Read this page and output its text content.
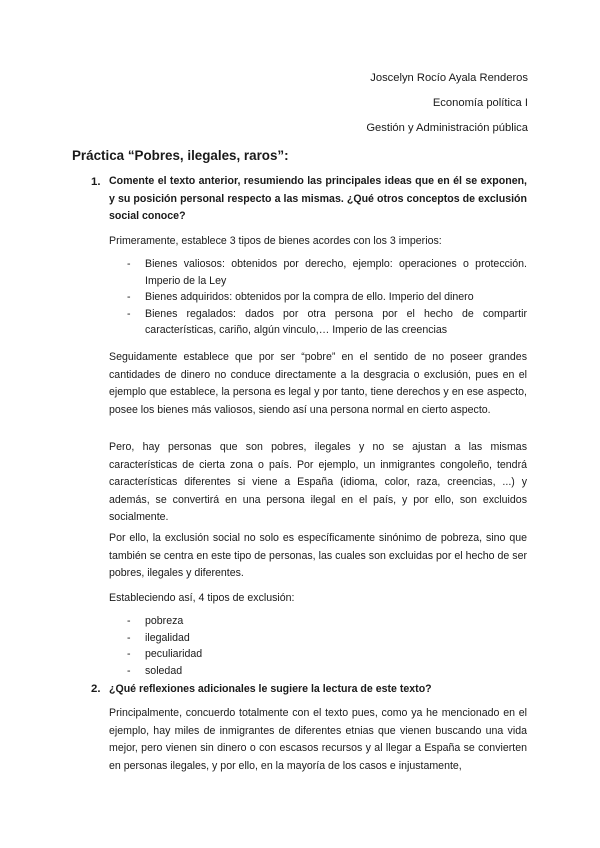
Joscelyn Rocío Ayala Renderos
Economía política I
Gestión y Administración pública
Práctica “Pobres, ilegales, raros”:
1. Comente el texto anterior, resumiendo las principales ideas que en él se exponen, y su posición personal respecto a las mismas. ¿Qué otros conceptos de exclusión social conoce?

Primeramente, establece 3 tipos de bienes acordes con los 3 imperios:

- Bienes valiosos: obtenidos por derecho, ejemplo: operaciones o protección. Imperio de la Ley
- Bienes adquiridos: obtenidos por la compra de ello. Imperio del dinero
- Bienes regalados: dados por otra persona por el hecho de compartir características, cariño, algún vinculo,… Imperio de las creencias

Seguidamente establece que por ser “pobre” en el sentido de no poseer grandes cantidades de dinero no conduce directamente a la desgracia o exclusión, pues en el ejemplo que establece, la persona es legal y por tanto, tiene derechos y en ese aspecto, posee los bienes más valiosos, siendo así una persona normal en cierto aspecto.

Pero, hay personas que son pobres, ilegales y no se ajustan a las mismas características de cierta zona o país. Por ejemplo, un inmigrantes congoleño, tendrá características diferentes si viene a España (idioma, color, raza, creencias, ...) y además, se convertirá en una persona ilegal en el país, y por ello, son excluidos socialmente.

Por ello, la exclusión social no solo es específicamente sinónimo de pobreza, sino que también se centra en este tipo de personas, las cuales son excluidas por el hecho de ser pobres, ilegales y diferentes.

Estableciendo así, 4 tipos de exclusión:

- pobreza
- ilegalidad
- peculiaridad
- soledad
2. ¿Qué reflexiones adicionales le sugiere la lectura de este texto?

Principalmente, concuerdo totalmente con el texto pues, como ya he mencionado en el ejemplo, hay miles de inmigrantes de diferentes etnias que vienen buscando una vida mejor, pero vienen sin dinero o con escasos recursos y al llegar a España se convierten en personas ilegales, y por ello, en la mayoría de los casos e injustamente,
